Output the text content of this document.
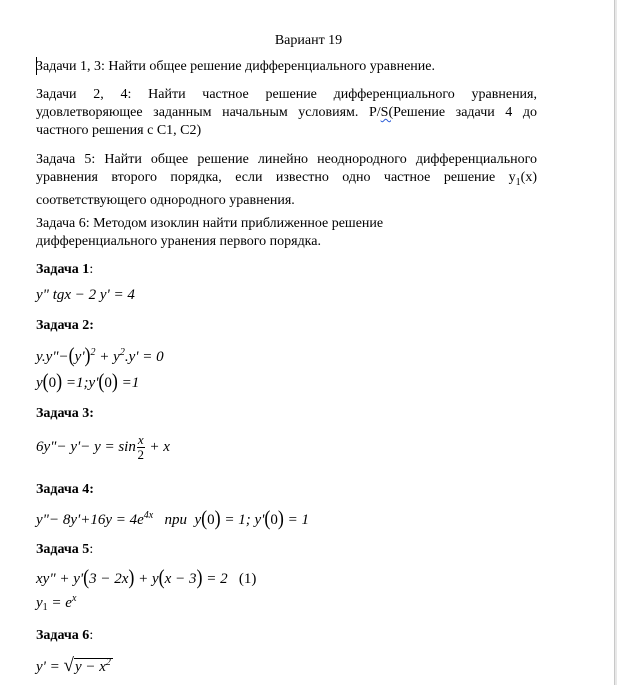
Вариант 19
Задачи 1, 3: Найти общее решение дифференциального уравнение.
Задачи 2, 4: Найти частное решение дифференциального уравнения, удовлетворяющее заданным начальным условиям. P/S(Решение задачи 4 до частного решения с С1, С2)
Задача 5: Найти общее решение линейно неоднородного дифференциального уравнения второго порядка, если известно одно частное решение $y_1(x)$ соответствующего однородного уравнения.
Задача 6: Методом изоклин найти приближенное решение дифференциального уранения первого порядка.
Задача 1:
y" tgx − 2 y' = 4
Задача 2:
$y.y"-(y')^2 + y^2.y' = 0$
y(0) =1;y'(0) =1
Задача 3:
6y"− $y'- y = \sin \frac{x}{2} + x$
Задача 4:
y"− $8y'+16y = 4e^{4x}$ при y(0) = 1; y'(0) = 1
Задача 5:
xy" + y'(3 − 2x) + y(x − 3) = 2 (1)
$y_1 = e^x$
Задача 6:
$y' = √y - x^2$
